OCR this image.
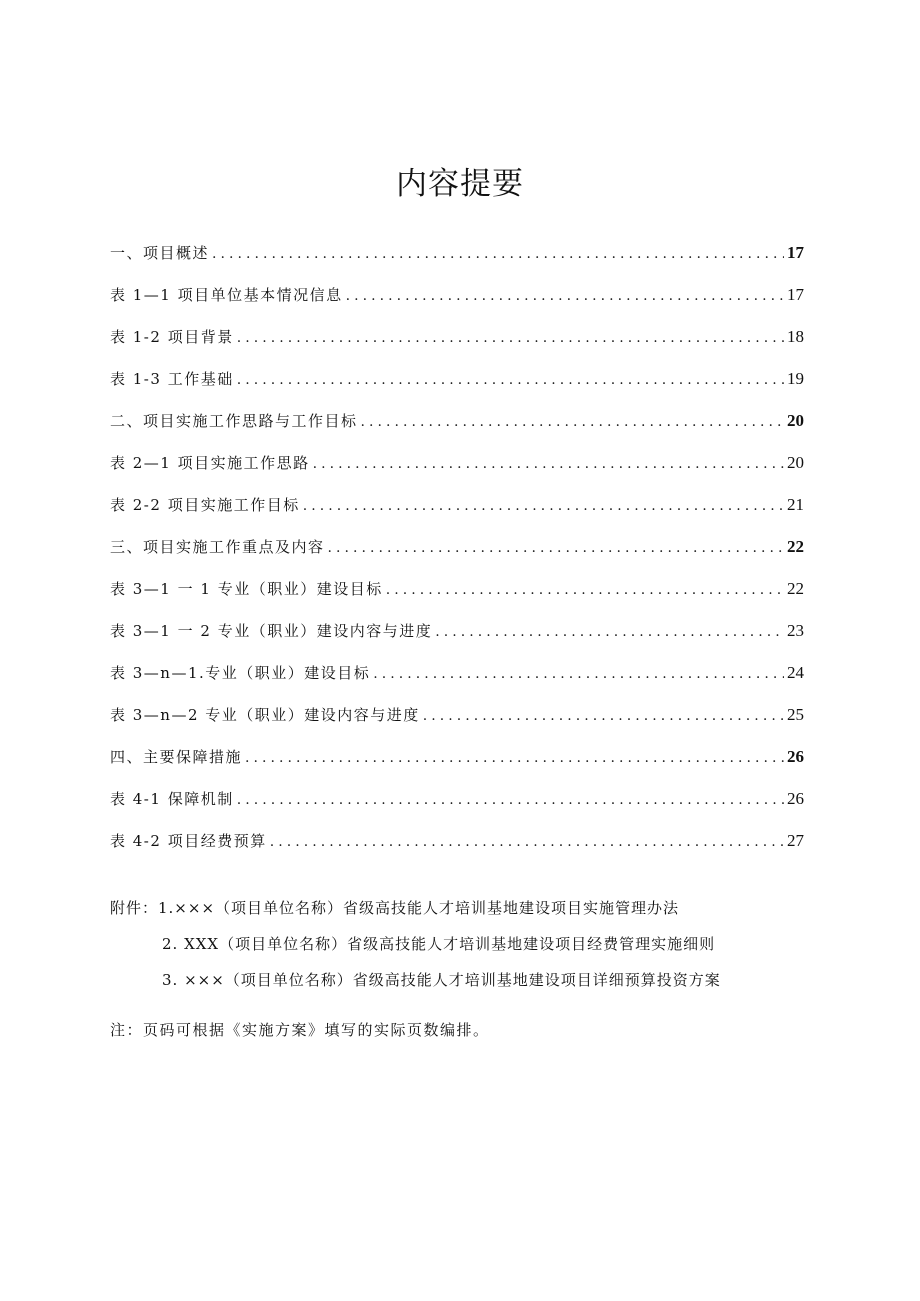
内容提要
一、项目概述 . . .	17
表 1—1 项目单位基本情况信息 . . .	17
表 1-2 项目背景 . . .	18
表 1-3 工作基础 . . .	19
二、项目实施工作思路与工作目标 . . .	20
表 2—1 项目实施工作思路 . . .	20
表 2-2 项目实施工作目标 . . .	21
三、项目实施工作重点及内容 . . .	22
表 3—1 一 1 专业（职业）建设目标 . . .	22
表 3—1 一 2 专业（职业）建设内容与进度 . . .	23
表 3—n—1.专业（职业）建设目标 . . .	24
表 3—n—2 专业（职业）建设内容与进度 . . .	25
四、主要保障措施 . . .	26
表 4-1 保障机制 . . .	26
表 4-2 项目经费预算 . . .	27
附件：1.×××（项目单位名称）省级高技能人才培训基地建设项目实施管理办法
2. XXX（项目单位名称）省级高技能人才培训基地建设项目经费管理实施细则
3. ×××（项目单位名称）省级高技能人才培训基地建设项目详细预算投资方案
注：页码可根据《实施方案》填写的实际页数编排。
